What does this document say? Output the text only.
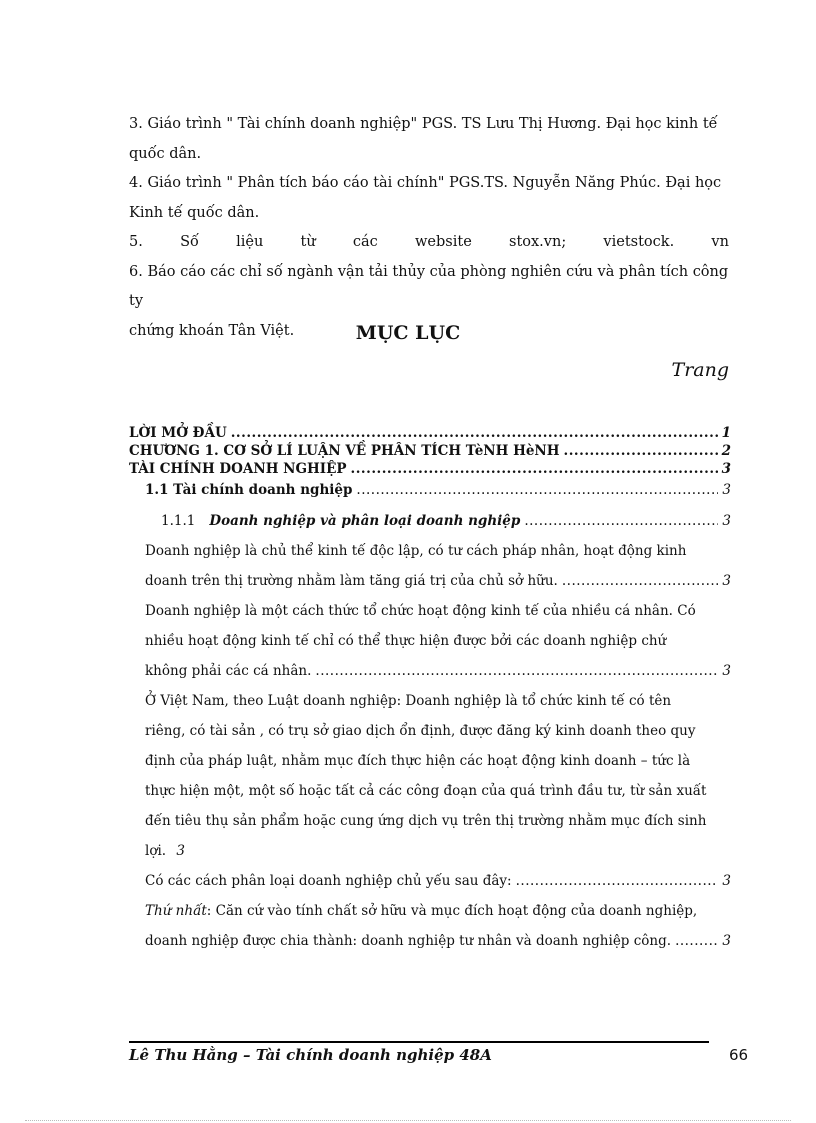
3. Giáo trình " Tài chính doanh nghiệp" PGS. TS Lưu Thị Hương. Đại học kinh tế

quốc dân.

4. Giáo trình " Phân tích báo cáo tài chính" PGS.TS. Nguyễn Năng Phúc. Đại học

Kinh tế quốc dân.

5.	Số	liệu	từ	các	website	stox.vn;	vietstock.	vn

6. Báo cáo các chỉ số ngành vận tải thủy của phòng nghiên cứu và phân tích công ty

chứng khoán Tân Việt.	MỤC LỤC
Trang
LỜI MỞ ĐẦU .....	1
CHƯƠNG 1. CƠ SỞ LÍ LUẬN VỀ PHÂN TÍCH TèNH HèNH .....	2
TÀI CHÍNH DOANH NGHIỆP .....	3
1.1 Tài chính doanh nghiệp .....	3
1.1.1 Doanh nghiệp và phân loại doanh nghiệp .....	3
Doanh nghiệp là chủ thể kinh tế độc lập, có tư cách pháp nhân, hoạt động kinh
doanh trên thị trường nhằm làm tăng giá trị của chủ sở hữu. .....	3
Doanh nghiệp là một cách thức tổ chức hoạt động kinh tế của nhiều cá nhân. Có
nhiều hoạt động kinh tế chỉ có thể thực hiện được bởi các doanh nghiệp chứ
không phải các cá nhân. .....	3
Ở Việt Nam, theo Luật doanh nghiệp: Doanh nghiệp là tổ chức kinh tế có tên
riêng, có tài sản , có trụ sở giao dịch ổn định, được đăng ký kinh doanh theo quy
định của pháp luật, nhằm mục đích thực hiện các hoạt động kinh doanh – tức là
thực hiện một, một số hoặc tất cả các công đoạn của quá trình đầu tư, từ sản xuất
đến tiêu thụ sản phẩm hoặc cung ứng dịch vụ trên thị trường nhằm mục đích sinh
lợi. 3
Có các cách phân loại doanh nghiệp chủ yếu sau đây: .....	3
Thứ nhất: Căn cứ vào tính chất sở hữu và mục đích hoạt động của doanh nghiệp,
doanh nghiệp được chia thành: doanh nghiệp tư nhân và doanh nghiệp công. .....	3
Lê Thu Hằng – Tài chính doanh nghiệp 48A	66
